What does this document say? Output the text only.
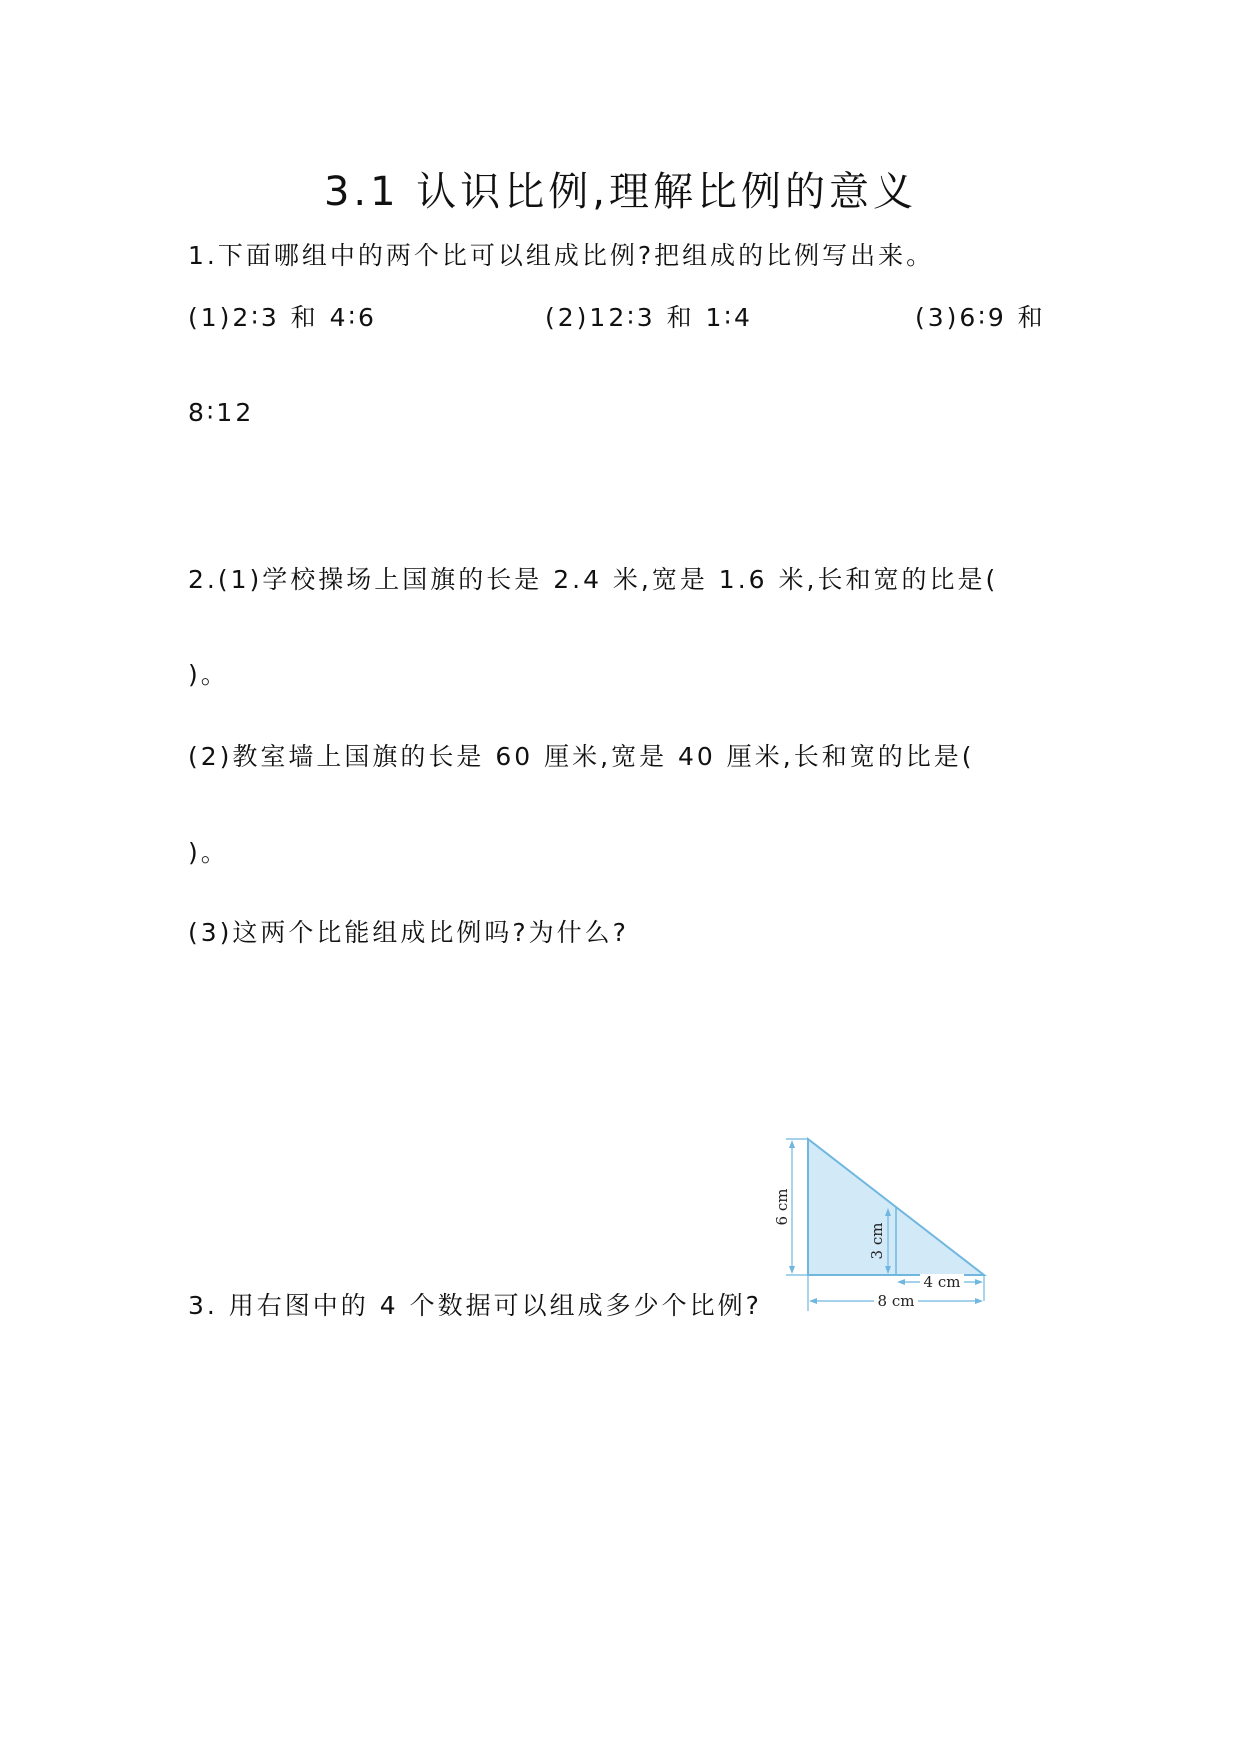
3.1 认识比例,理解比例的意义
1.下面哪组中的两个比可以组成比例?把组成的比例写出来。
(1)2∶3 和 4∶6	(2)12∶3 和 1∶4	(3)6∶9 和
8∶12
2.(1)学校操场上国旗的长是 2.4 米,宽是 1.6 米,长和宽的比是(
)。
(2)教室墙上国旗的长是 60 厘米,宽是 40 厘米,长和宽的比是(
)。
(3)这两个比能组成比例吗?为什么?
3. 用右图中的 4 个数据可以组成多少个比例?
6 cm
3 cm
4 cm
8 cm
